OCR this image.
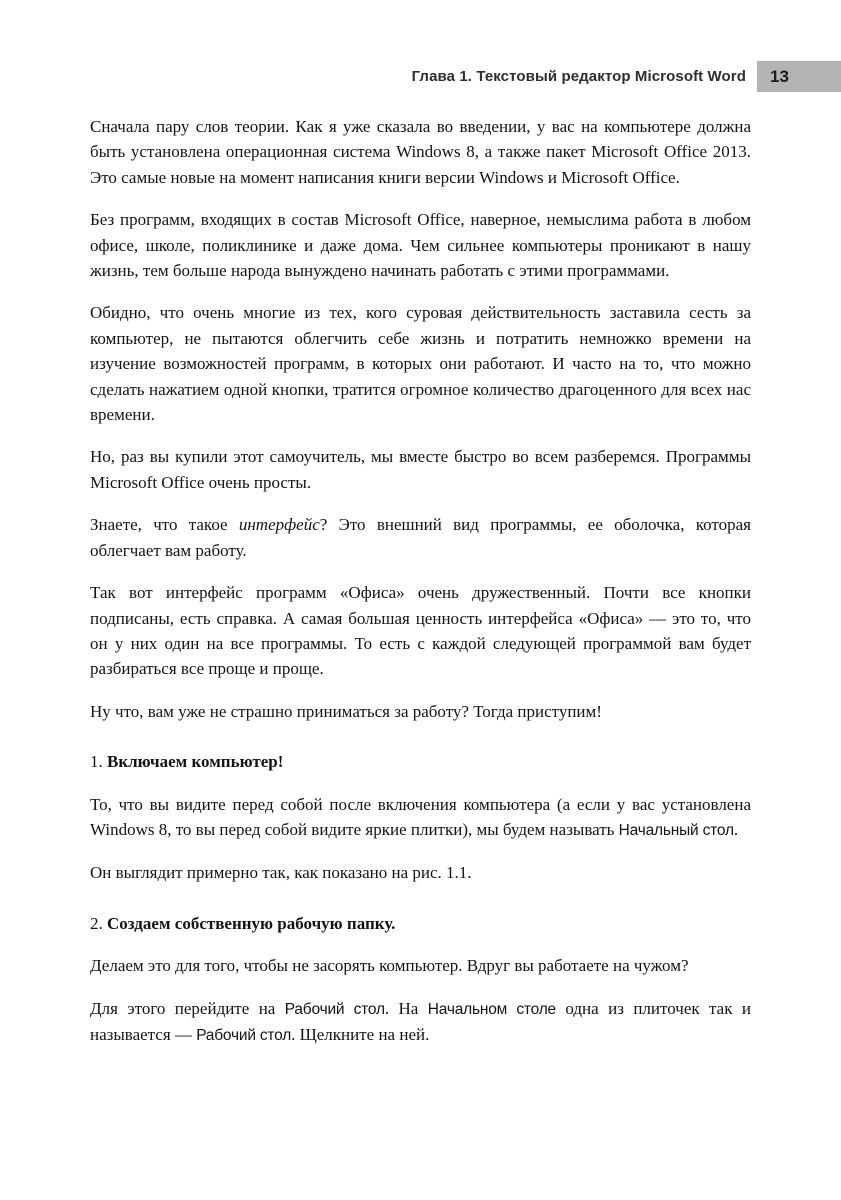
Глава 1. Текстовый редактор Microsoft Word 13

Сначала пару слов теории. Как я уже сказала во введении, у вас на компьютере должна быть установлена операционная система Windows 8, а также пакет Microsoft Office 2013. Это самые новые на момент написания книги версии Windows и Microsoft Office.

Без программ, входящих в состав Microsoft Office, наверное, немыслима работа в любом офисе, школе, поликлинике и даже дома. Чем сильнее компьютеры проникают в нашу жизнь, тем больше народа вынуждено начинать работать с этими программами.

Обидно, что очень многие из тех, кого суровая действительность заставила сесть за компьютер, не пытаются облегчить себе жизнь и потратить немножко времени на изучение возможностей программ, в которых они работают. И часто на то, что можно сделать нажатием одной кнопки, тратится огромное количество драгоценного для всех нас времени.

Но, раз вы купили этот самоучитель, мы вместе быстро во всем разберемся. Программы Microsoft Office очень просты.

Знаете, что такое интерфейс? Это внешний вид программы, ее оболочка, которая облегчает вам работу.

Так вот интерфейс программ «Офиса» очень дружественный. Почти все кнопки подписаны, есть справка. А самая большая ценность интерфейса «Офиса» — это то, что он у них один на все программы. То есть с каждой следующей программой вам будет разбираться все проще и проще.

Ну что, вам уже не страшно приниматься за работу? Тогда приступим!

1. Включаем компьютер!

То, что вы видите перед собой после включения компьютера (а если у вас установлена Windows 8, то вы перед собой видите яркие плитки), мы будем называть Начальный стол.

Он выглядит примерно так, как показано на рис. 1.1.

2. Создаем собственную рабочую папку.

Делаем это для того, чтобы не засорять компьютер. Вдруг вы работаете на чужом?

Для этого перейдите на Рабочий стол. На Начальном столе одна из плиточек так и называется — Рабочий стол. Щелкните на ней.
